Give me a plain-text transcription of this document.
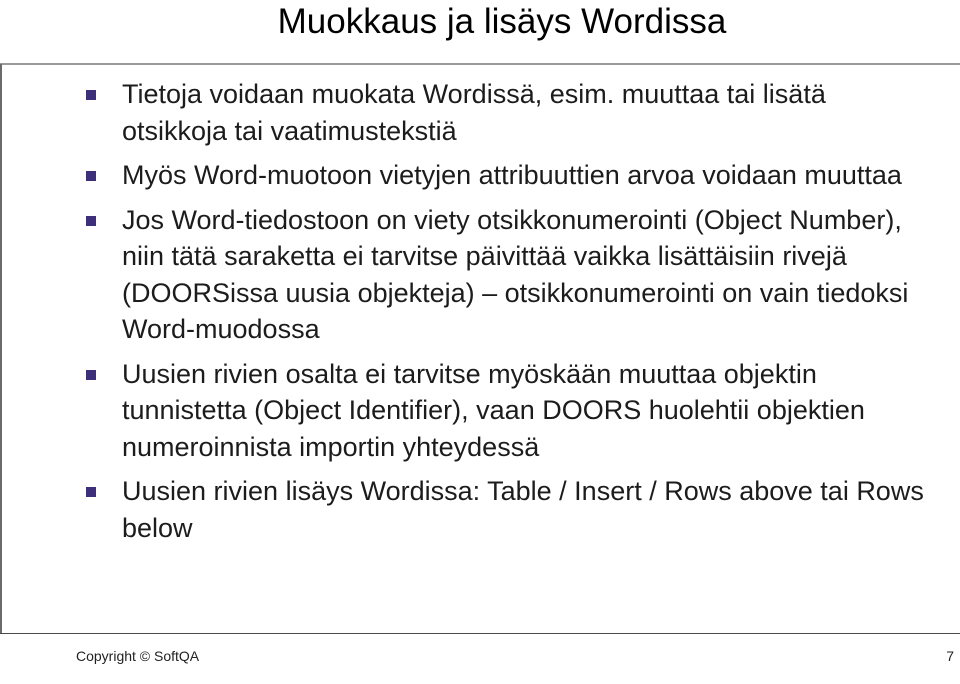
Muokkaus ja lisäys Wordissa
Tietoja voidaan muokata Wordissä, esim. muuttaa tai lisätä otsikkoja tai vaatimustekstiä
Myös Word-muotoon vietyjen attribuuttien arvoa voidaan muuttaa
Jos Word-tiedostoon on viety otsikkonumerointi (Object Number), niin tätä saraketta ei tarvitse päivittää vaikka lisättäisiin rivejä (DOORSissa uusia objekteja) – otsikkonumerointi on vain tiedoksi Word-muodossa
Uusien rivien osalta ei tarvitse myöskään muuttaa objektin tunnistetta (Object Identifier), vaan DOORS huolehtii objektien numeroinnista importin yhteydessä
Uusien rivien lisäys Wordissa: Table / Insert / Rows above tai Rows below
Copyright © SoftQA	7
